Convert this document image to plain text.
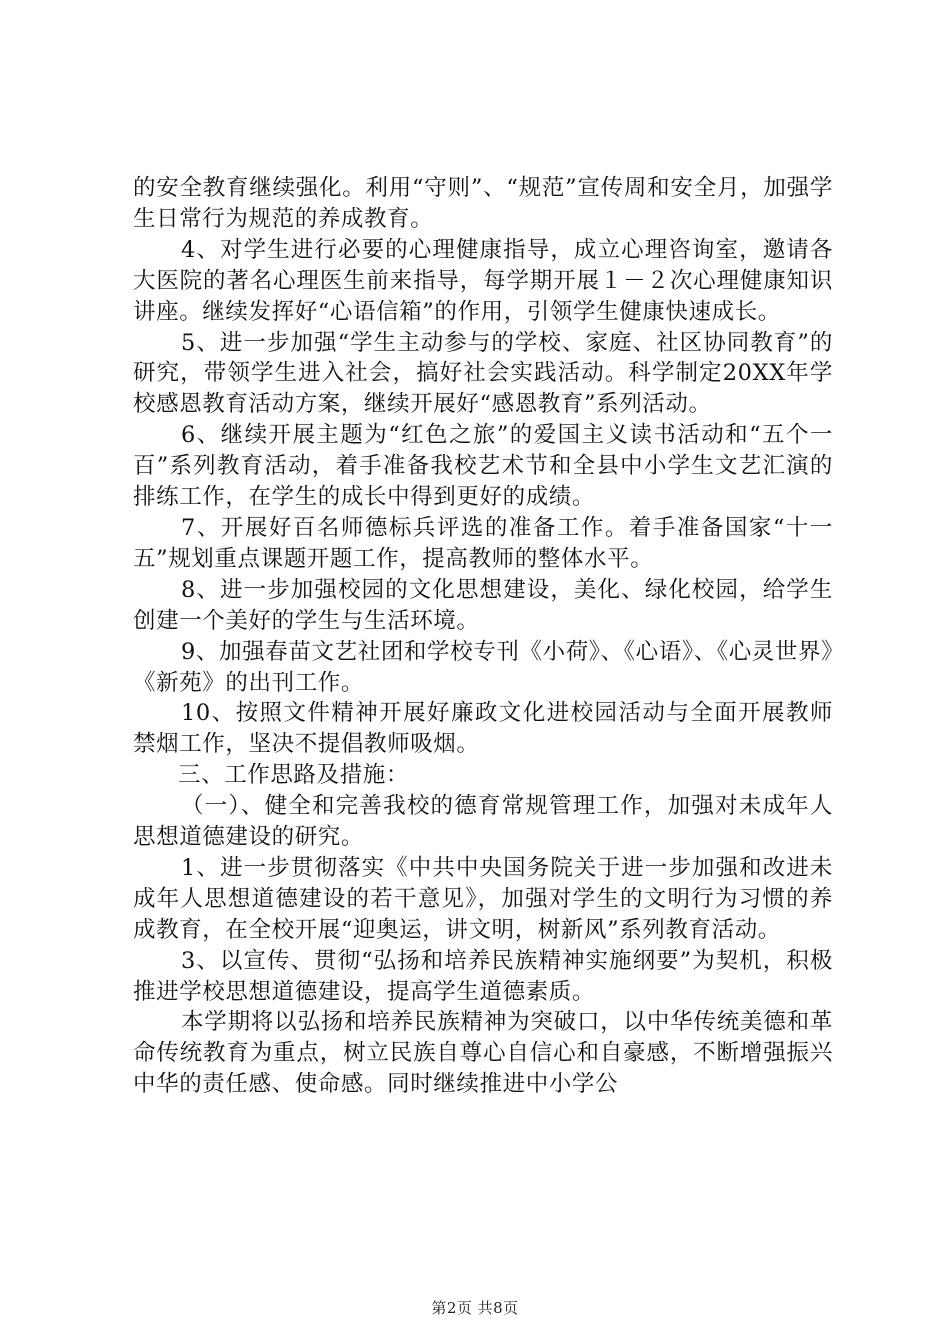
的安全教育继续强化。利用“守则”、“规范”宣传周和安全月，加强学生日常行为规范的养成教育。

4、对学生进行必要的心理健康指导，成立心理咨询室，邀请各大医院的著名心理医生前来指导，每学期开展１－２次心理健康知识讲座。继续发挥好“心语信箱”的作用，引领学生健康快速成长。

5、进一步加强“学生主动参与的学校、家庭、社区协同教育”的研究，带领学生进入社会，搞好社会实践活动。科学制定20XX年学校感恩教育活动方案，继续开展好“感恩教育”系列活动。

6、继续开展主题为“红色之旅”的爱国主义读书活动和“五个一百”系列教育活动，着手准备我校艺术节和全县中小学生文艺汇演的排练工作，在学生的成长中得到更好的成绩。

7、开展好百名师德标兵评选的准备工作。着手准备国家“十一五”规划重点课题开题工作，提高教师的整体水平。

8、进一步加强校园的文化思想建设，美化、绿化校园，给学生创建一个美好的学生与生活环境。

9、加强春苗文艺社团和学校专刊《小荷》、《心语》、《心灵世界》《新苑》的出刊工作。

10、按照文件精神开展好廉政文化进校园活动与全面开展教师禁烟工作，坚决不提倡教师吸烟。

三、工作思路及措施：

（一）、健全和完善我校的德育常规管理工作，加强对未成年人思想道德建设的研究。

1、进一步贯彻落实《中共中央国务院关于进一步加强和改进未成年人思想道德建设的若干意见》，加强对学生的文明行为习惯的养成教育，在全校开展“迎奥运，讲文明，树新风”系列教育活动。

3、以宣传、贯彻“弘扬和培养民族精神实施纲要”为契机，积极推进学校思想道德建设，提高学生道德素质。

本学期将以弘扬和培养民族精神为突破口，以中华传统美德和革命传统教育为重点，树立民族自尊心自信心和自豪感，不断增强振兴中华的责任感、使命感。同时继续推进中小学公

第2页 共8页
